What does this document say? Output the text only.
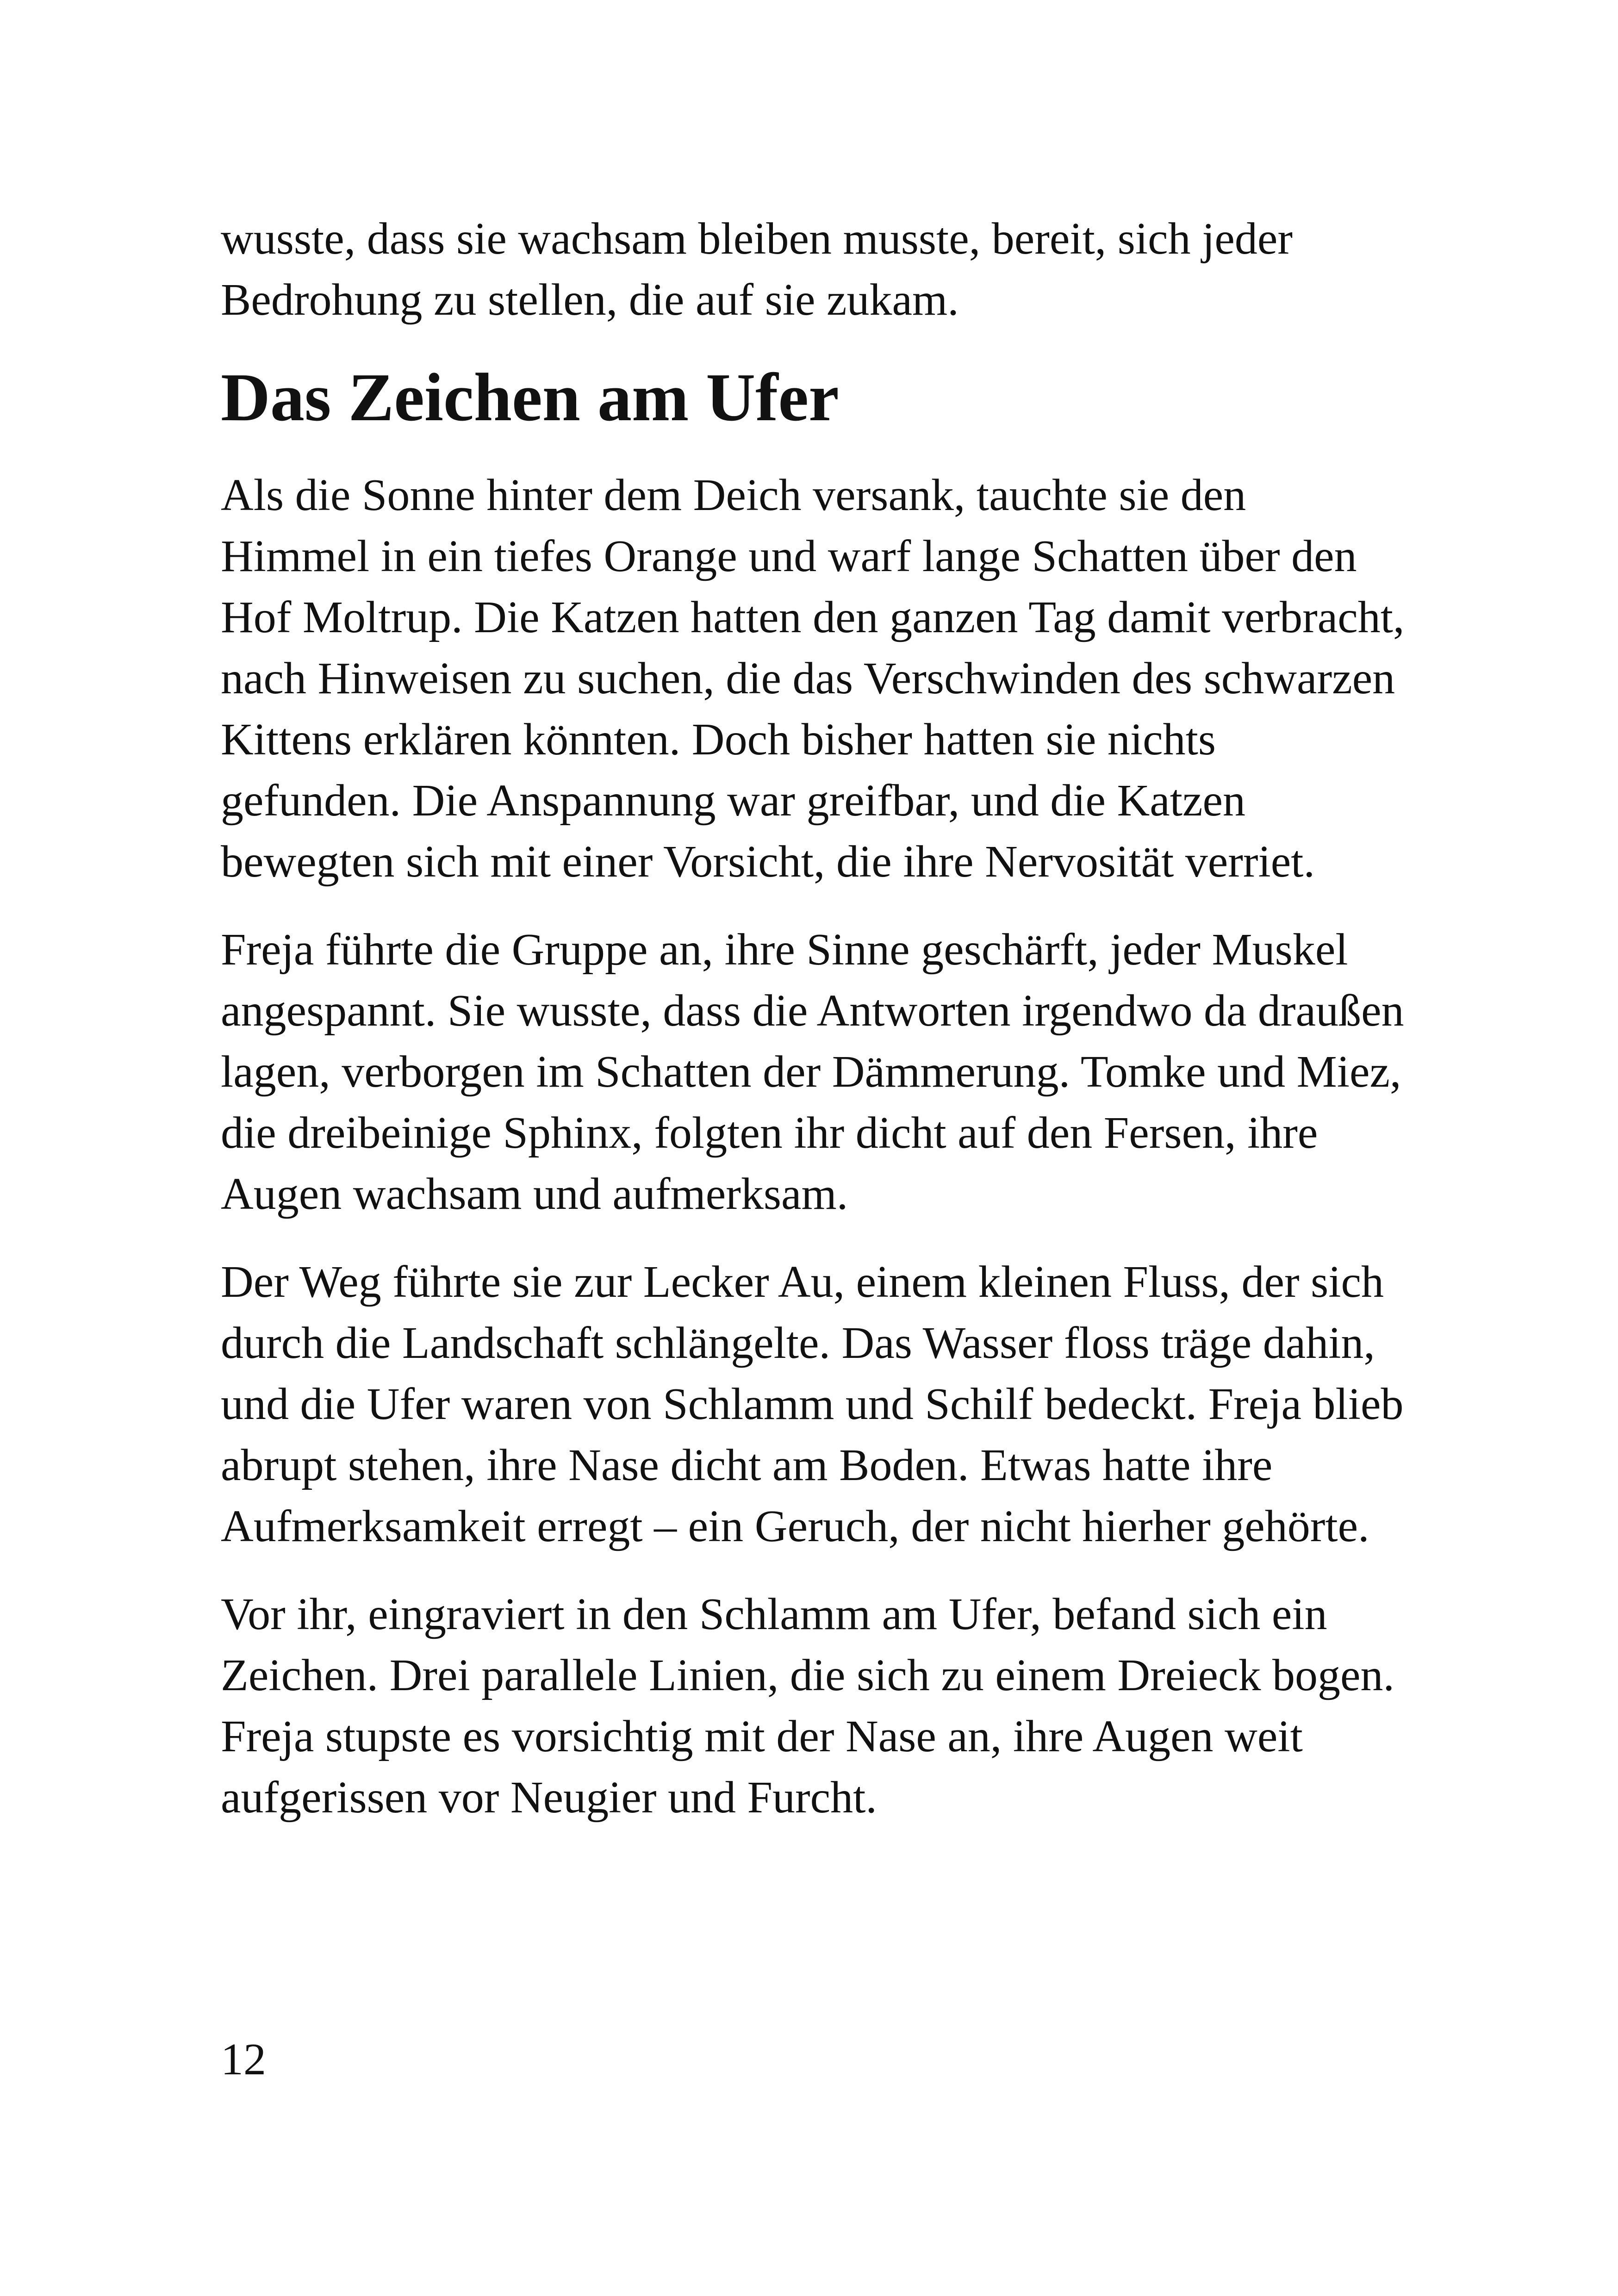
wusste, dass sie wachsam bleiben musste, bereit, sich jeder Bedrohung zu stellen, die auf sie zukam.

Das Zeichen am Ufer

Als die Sonne hinter dem Deich versank, tauchte sie den Himmel in ein tiefes Orange und warf lange Schatten über den Hof Moltrup. Die Katzen hatten den ganzen Tag damit verbracht, nach Hinweisen zu suchen, die das Verschwinden des schwarzen Kittens erklären könnten. Doch bisher hatten sie nichts gefunden. Die Anspannung war greifbar, und die Katzen bewegten sich mit einer Vorsicht, die ihre Nervosität verriet.

Freja führte die Gruppe an, ihre Sinne geschärft, jeder Muskel angespannt. Sie wusste, dass die Antworten irgendwo da draußen lagen, verborgen im Schatten der Dämmerung. Tomke und Miez, die dreibeinige Sphinx, folgten ihr dicht auf den Fersen, ihre Augen wachsam und aufmerksam.

Der Weg führte sie zur Lecker Au, einem kleinen Fluss, der sich durch die Landschaft schlängelte. Das Wasser floss träge dahin, und die Ufer waren von Schlamm und Schilf bedeckt. Freja blieb abrupt stehen, ihre Nase dicht am Boden. Etwas hatte ihre Aufmerksamkeit erregt – ein Geruch, der nicht hierher gehörte.

Vor ihr, eingraviert in den Schlamm am Ufer, befand sich ein Zeichen. Drei parallele Linien, die sich zu einem Dreieck bogen. Freja stupste es vorsichtig mit der Nase an, ihre Augen weit aufgerissen vor Neugier und Furcht.

12
